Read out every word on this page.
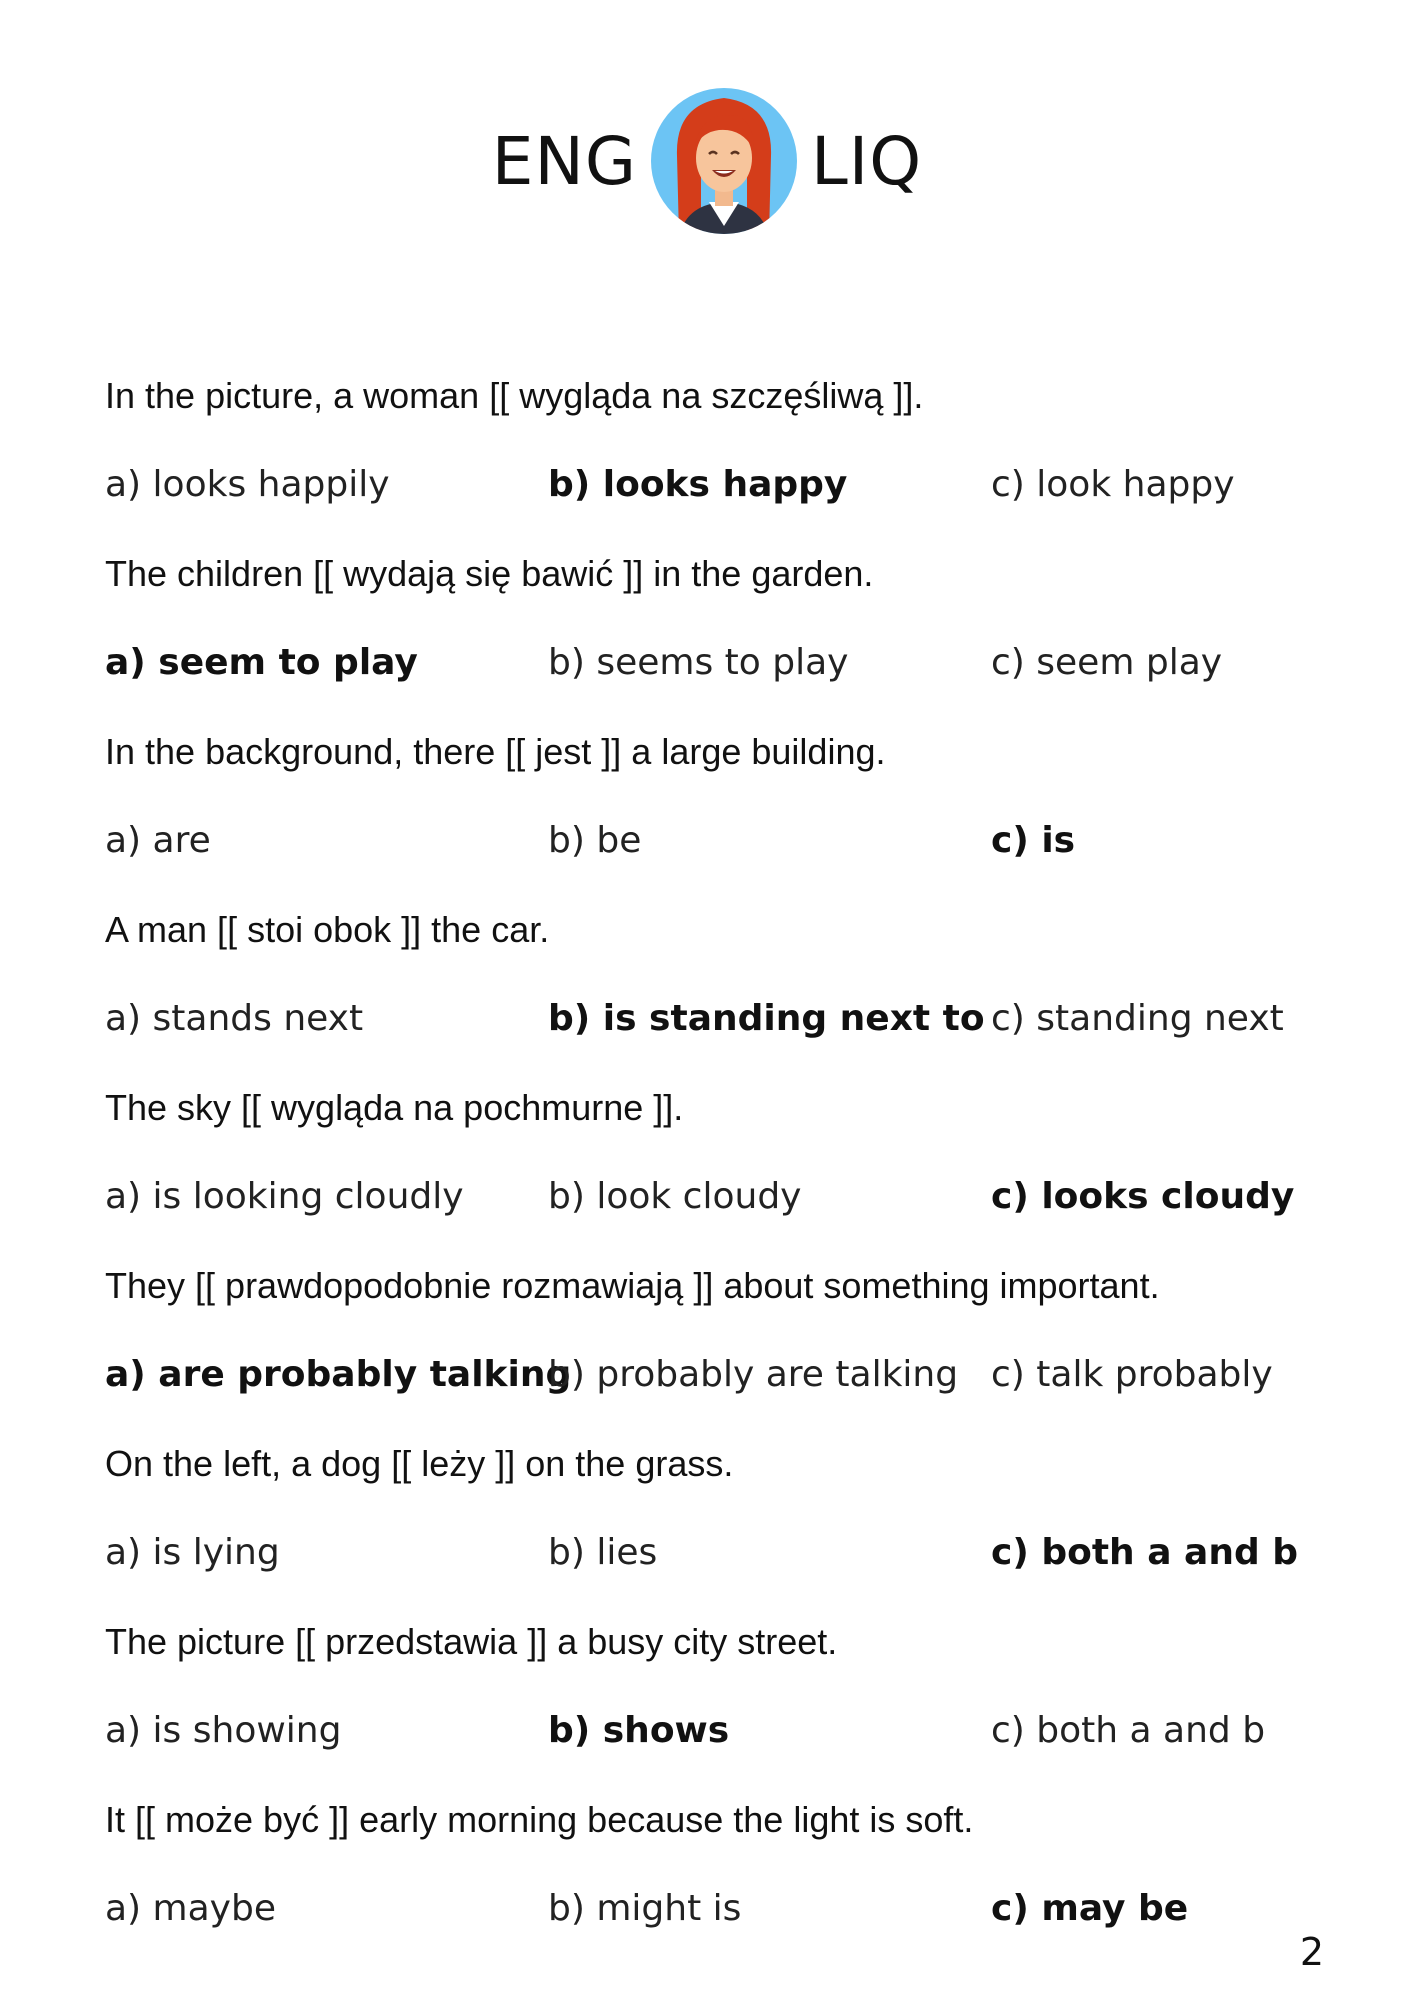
ENG	LIQ
In the picture, a woman [[ wygląda na szczęśliwą ]].
a) looks happily	b) looks happy	c) look happy
The children [[ wydają się bawić ]] in the garden.
a) seem to play	b) seems to play	c) seem play
In the background, there [[ jest ]] a large building.
a) are	b) be	c) is
A man [[ stoi obok ]] the car.
a) stands next	b) is standing next to c) standing next
The sky [[ wygląda na pochmurne ]].
a) is looking cloudly	b) look cloudy	c) looks cloudy
They [[ prawdopodobnie rozmawiają ]] about something important.
a) are probably talking
b) probably are talking c) talk probably
On the left, a dog [[ leży ]] on the grass.
a) is lying	b) lies	c) both a and b
The picture [[ przedstawia ]] a busy city street.
a) is showing	b) shows	c) both a and b
It [[ może być ]] early morning because the light is soft.
a) maybe	b) might is	c) may be
2
